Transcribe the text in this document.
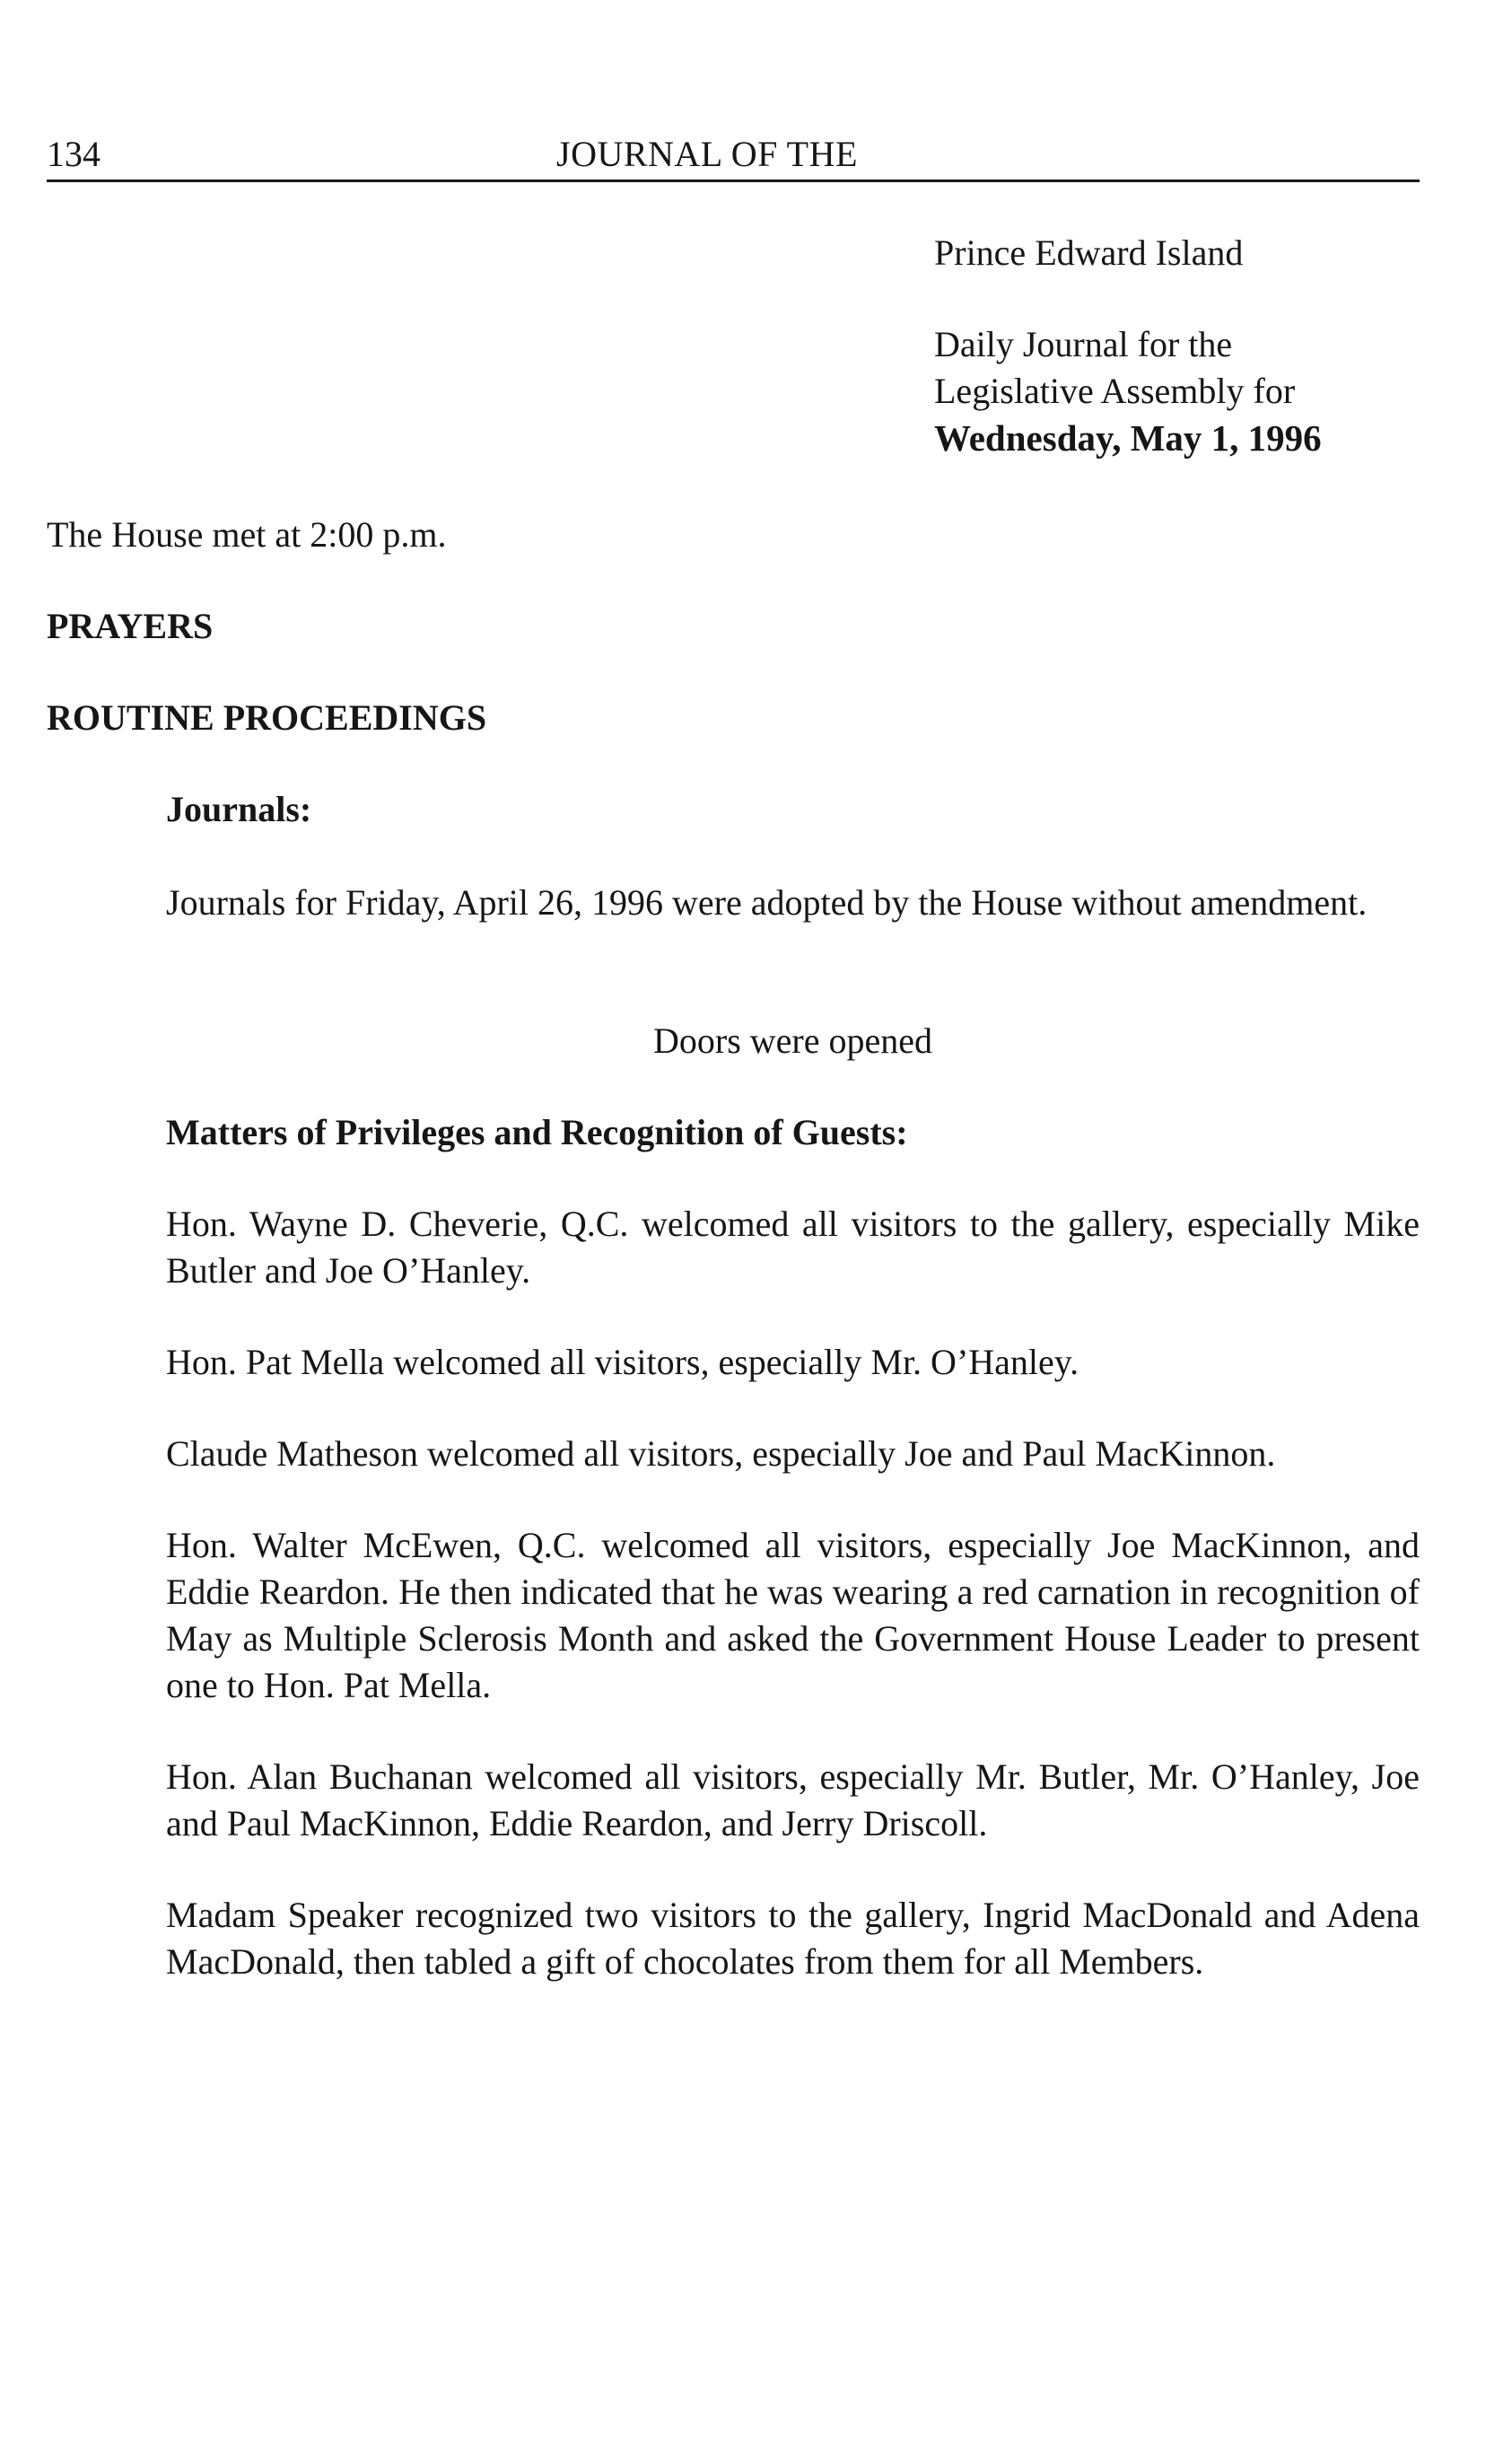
134	JOURNAL OF THE
Prince Edward Island
Daily Journal for the
Legislative Assembly for
Wednesday, May 1, 1996
The House met at 2:00 p.m.
PRAYERS
ROUTINE PROCEEDINGS
Journals:
Journals for Friday, April 26, 1996 were adopted by the House without amendment.
Doors were opened
Matters of Privileges and Recognition of Guests:
Hon. Wayne D. Cheverie, Q.C. welcomed all visitors to the gallery, especially Mike Butler and Joe O’Hanley.
Hon. Pat Mella welcomed all visitors, especially Mr. O’Hanley.
Claude Matheson welcomed all visitors, especially Joe and Paul MacKinnon.
Hon. Walter McEwen, Q.C. welcomed all visitors, especially Joe MacKinnon, and Eddie Reardon. He then indicated that he was wearing a red carnation in recognition of May as Multiple Sclerosis Month and asked the Government House Leader to present one to Hon. Pat Mella.
Hon. Alan Buchanan welcomed all visitors, especially Mr. Butler, Mr. O’Hanley, Joe and Paul MacKinnon, Eddie Reardon, and Jerry Driscoll.
Madam Speaker recognized two visitors to the gallery, Ingrid MacDonald and Adena MacDonald, then tabled a gift of chocolates from them for all Members.
